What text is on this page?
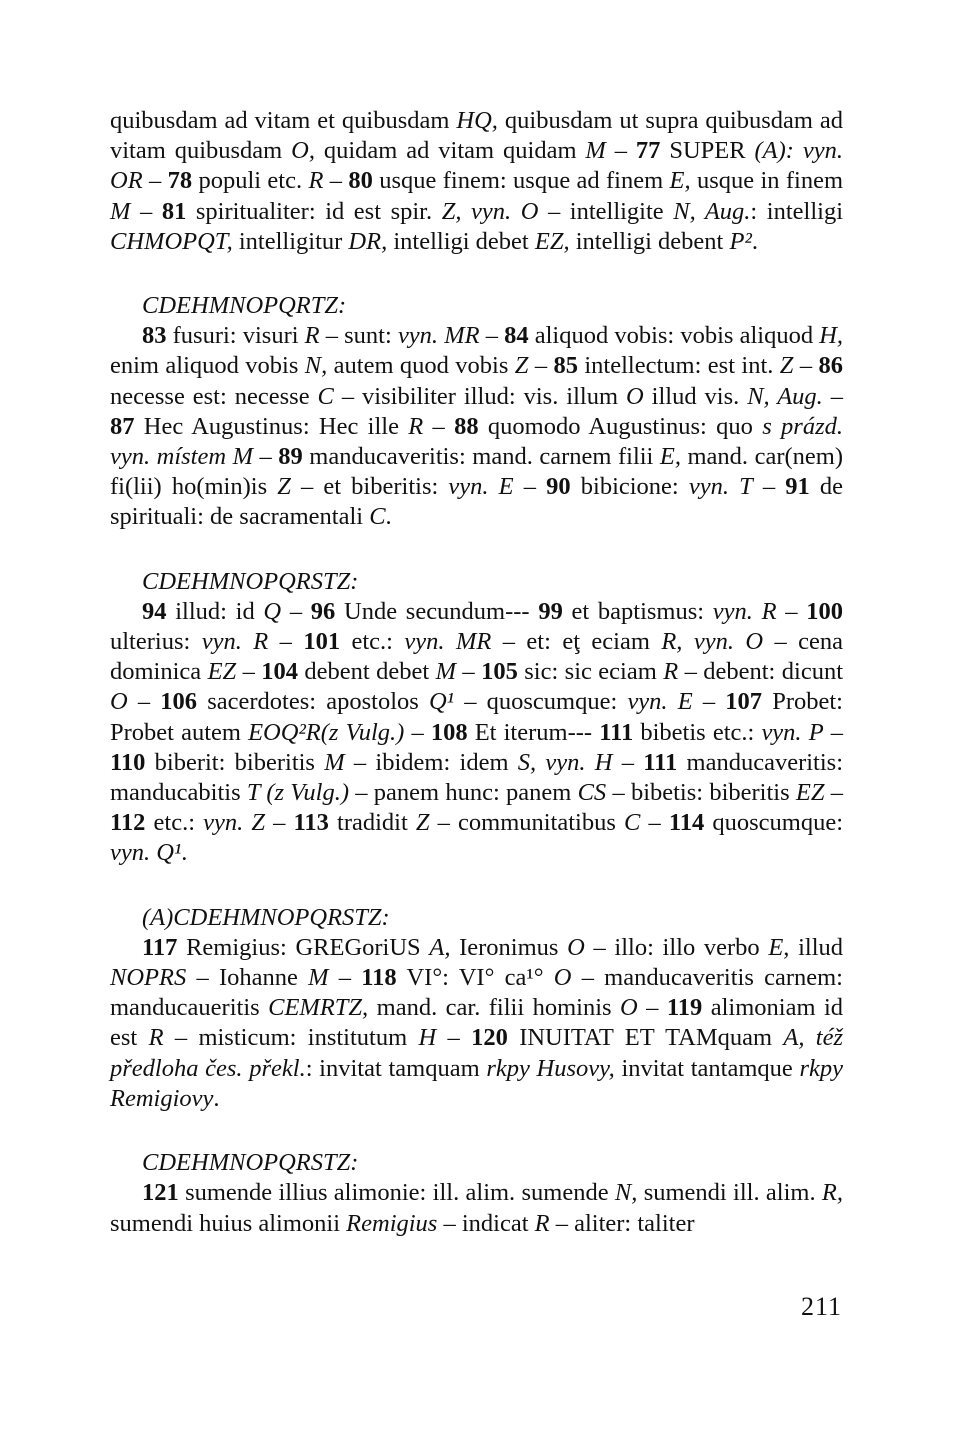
quibusdam ad vitam et quibusdam HQ, quibusdam ut supra quibusdam ad vitam quibusdam O, quidam ad vitam quidam M – 77 SUPER (A): vyn. OR – 78 populi etc. R – 80 usque finem: usque ad finem E, usque in finem M – 81 spiritualiter: id est spir. Z, vyn. O – intelligite N, Aug.: intelligi CHMOPQT, intelligitur DR, intelligi debet EZ, intelligi debent P².

CDEHMNOPQRTZ:

83 fusuri: visuri R – sunt: vyn. MR – 84 aliquod vobis: vobis aliquod H, enim aliquod vobis N, autem quod vobis Z – 85 intellectum: est int. Z – 86 necesse est: necesse C – visibiliter illud: vis. illum O illud vis. N, Aug. – 87 Hec Augustinus: Hec ille R – 88 quomodo Augustinus: quo s prázd. vyn. místem M – 89 manducaveritis: mand. carnem filii E, mand. car(nem) fi(lii) ho(min)is Z – et biberitis: vyn. E – 90 bibicione: vyn. T – 91 de spirituali: de sacramentali C.

CDEHMNOPQRSTZ:

94 illud: id Q – 96 Unde secundum--- 99 et baptismus: vyn. R – 100 ulterius: vyn. R – 101 etc.: vyn. MR – et: eţ eciam R, vyn. O – cena dominica EZ – 104 debent debet M – 105 sic: sic eciam R – debent: dicunt O – 106 sacerdotes: apostolos Q¹ – quoscumque: vyn. E – 107 Probet: Probet autem EOQ²R(z Vulg.) – 108 Et iterum--- 111 bibetis etc.: vyn. P – 110 biberit: biberitis M – ibidem: idem S, vyn. H – 111 manducaveritis: manducabitis T (z Vulg.) – panem hunc: panem CS – bibetis: biberitis EZ – 112 etc.: vyn. Z – 113 tradidit Z – communitatibus C – 114 quoscumque: vyn. Q¹.

(A)CDEHMNOPQRSTZ:

117 Remigius: GREGoriUS A, Ieronimus O – illo: illo verbo E, illud NOPRS – Iohanne M – 118 VI°: VI° ca¹° O – manducaveritis carnem: manducaueritis CEMRTZ, mand. car. filii hominis O – 119 alimoniam id est R – misticum: institutum H – 120 INUITAT ET TAMquam A, též předloha čes. překl.: invitat tamquam rkpy Husovy, invitat tantamque rkpy Remigiovy.

CDEHMNOPQRSTZ:

121 sumende illius alimonie: ill. alim. sumende N, sumendi ill. alim. R, sumendi huius alimonii Remigius – indicat R – aliter: taliter

211
